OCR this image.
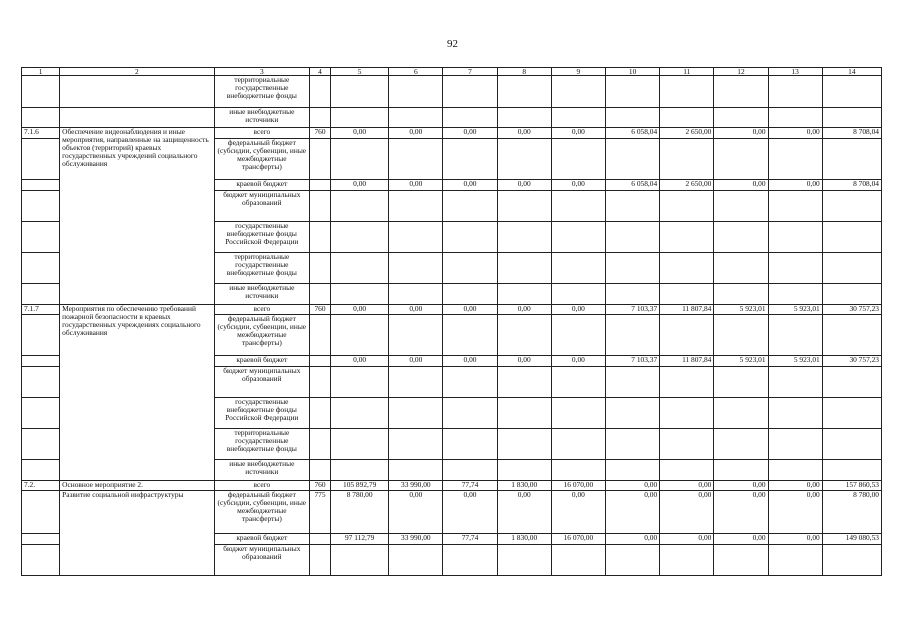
92
1	2	3	4	5	6	7	8	9	10	11	12	13	14
		территориальные государственные внебюджетные фонды											
		иные внебюджетные источники											
7.1.6	Обеспечение видеонаблюдения и иные мероприятия, направленные на защищенность объектов (территорий) краевых государственных учреждений социального обслуживания	всего	760	0,00	0,00	0,00	0,00	0,00	6 058,04	2 650,00	0,00	0,00	8 708,04
		федеральный бюджет (субсидии, субвенции, иные межбюджетные трансферты)											
		краевой бюджет		0,00	0,00	0,00	0,00	0,00	6 058,04	2 650,00	0,00	0,00	8 708,04
		бюджет муниципальных образований											
		государственные внебюджетные фонды Российской Федерации											
		территориальные государственные внебюджетные фонды											
		иные внебюджетные источники											
7.1.7	Мероприятия по обеспечению требований пожарной безопасности в краевых государственных учреждениях социального обслуживания	всего	760	0,00	0,00	0,00	0,00	0,00	7 103,37	11 807,84	5 923,01	5 923,01	30 757,23
		федеральный бюджет (субсидии, субвенции, иные межбюджетные трансферты)											
		краевой бюджет		0,00	0,00	0,00	0,00	0,00	7 103,37	11 807,84	5 923,01	5 923,01	30 757,23
		бюджет муниципальных образований											
		государственные внебюджетные фонды Российской Федерации											
		территориальные государственные внебюджетные фонды											
		иные внебюджетные источники											
7.2.	Основное мероприятие 2.	всего	760	105 892,79	33 990,00	77,74	1 830,00	16 070,00	0,00	0,00	0,00	0,00	157 860,53
	Развитие социальной инфраструктуры	федеральный бюджет (субсидии, субвенции, иные межбюджетные трансферты)	775	8 780,00	0,00	0,00	0,00	0,00	0,00	0,00	0,00	0,00	8 780,00
		краевой бюджет		97 112,79	33 990,00	77,74	1 830,00	16 070,00	0,00	0,00	0,00	0,00	149 080,53
		бюджет муниципальных образований											
